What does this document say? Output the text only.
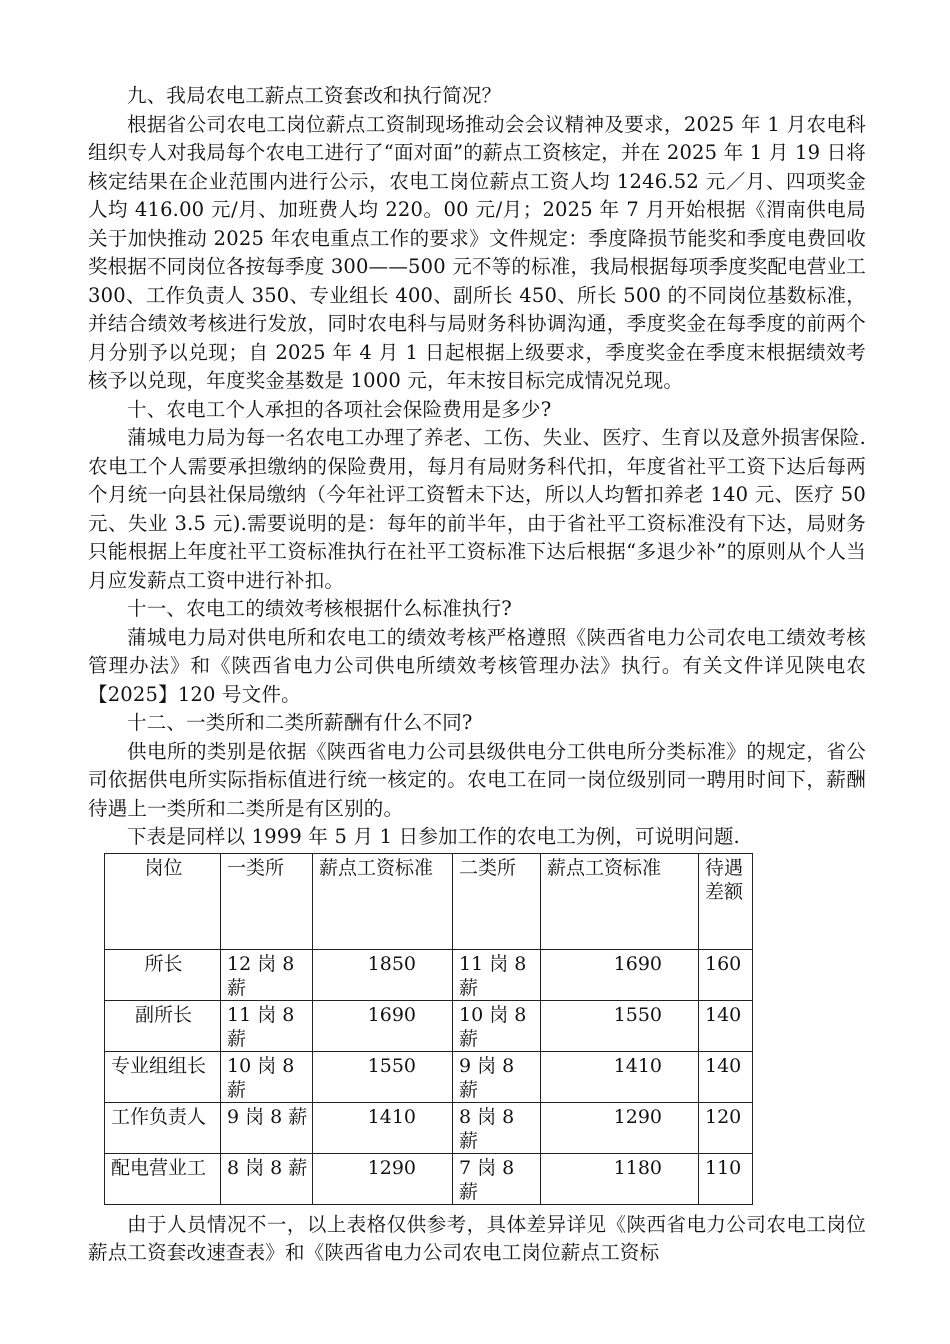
九、我局农电工薪点工资套改和执行简况？

根据省公司农电工岗位薪点工资制现场推动会会议精神及要求，2025 年 1 月农电科组织专人对我局每个农电工进行了“面对面”的薪点工资核定，并在 2025 年 1 月 19 日将核定结果在企业范围内进行公示，农电工岗位薪点工资人均 1246.52 元／月、四项奖金人均 416.00 元/月、加班费人均 220。00 元/月；2025 年 7 月开始根据《渭南供电局关于加快推动 2025 年农电重点工作的要求》文件规定：季度降损节能奖和季度电费回收奖根据不同岗位各按每季度 300——500 元不等的标准，我局根据每项季度奖配电营业工 300、工作负责人 350、专业组长 400、副所长 450、所长 500 的不同岗位基数标准，并结合绩效考核进行发放，同时农电科与局财务科协调沟通，季度奖金在每季度的前两个月分别予以兑现；自 2025 年 4 月 1 日起根据上级要求，季度奖金在季度末根据绩效考核予以兑现，年度奖金基数是 1000 元，年末按目标完成情况兑现。

十、农电工个人承担的各项社会保险费用是多少?

蒲城电力局为每一名农电工办理了养老、工伤、失业、医疗、生育以及意外损害保险.农电工个人需要承担缴纳的保险费用，每月有局财务科代扣，年度省社平工资下达后每两个月统一向县社保局缴纳（今年社评工资暂未下达，所以人均暂扣养老 140 元、医疗 50 元、失业 3.5 元).需要说明的是：每年的前半年，由于省社平工资标准没有下达，局财务只能根据上年度社平工资标准执行在社平工资标准下达后根据“多退少补”的原则从个人当月应发薪点工资中进行补扣。

十一、农电工的绩效考核根据什么标准执行?

蒲城电力局对供电所和农电工的绩效考核严格遵照《陕西省电力公司农电工绩效考核管理办法》和《陕西省电力公司供电所绩效考核管理办法》执行。有关文件详见陕电农【2025】120 号文件。

十二、一类所和二类所薪酬有什么不同?

供电所的类别是依据《陕西省电力公司县级供电分工供电所分类标准》的规定，省公司依据供电所实际指标值进行统一核定的。农电工在同一岗位级别同一聘用时间下，薪酬待遇上一类所和二类所是有区别的。

下表是同样以 1999 年 5 月 1 日参加工作的农电工为例，可说明问题.

岗位	一类所	薪点工资标准	二类所	薪点工资标准	待遇差额
所长	12 岗 8 薪	1850	11 岗 8 薪	1690	160
副所长	11 岗 8 薪	1690	10 岗 8 薪	1550	140
专业组组长	10 岗 8 薪	1550	9 岗 8 薪	1410	140
工作负责人	9 岗 8 薪	1410	8 岗 8 薪	1290	120
配电营业工	8 岗 8 薪	1290	7 岗 8 薪	1180	110

由于人员情况不一，以上表格仅供参考，具体差异详见《陕西省电力公司农电工岗位薪点工资套改速查表》和《陕西省电力公司农电工岗位薪点工资标
